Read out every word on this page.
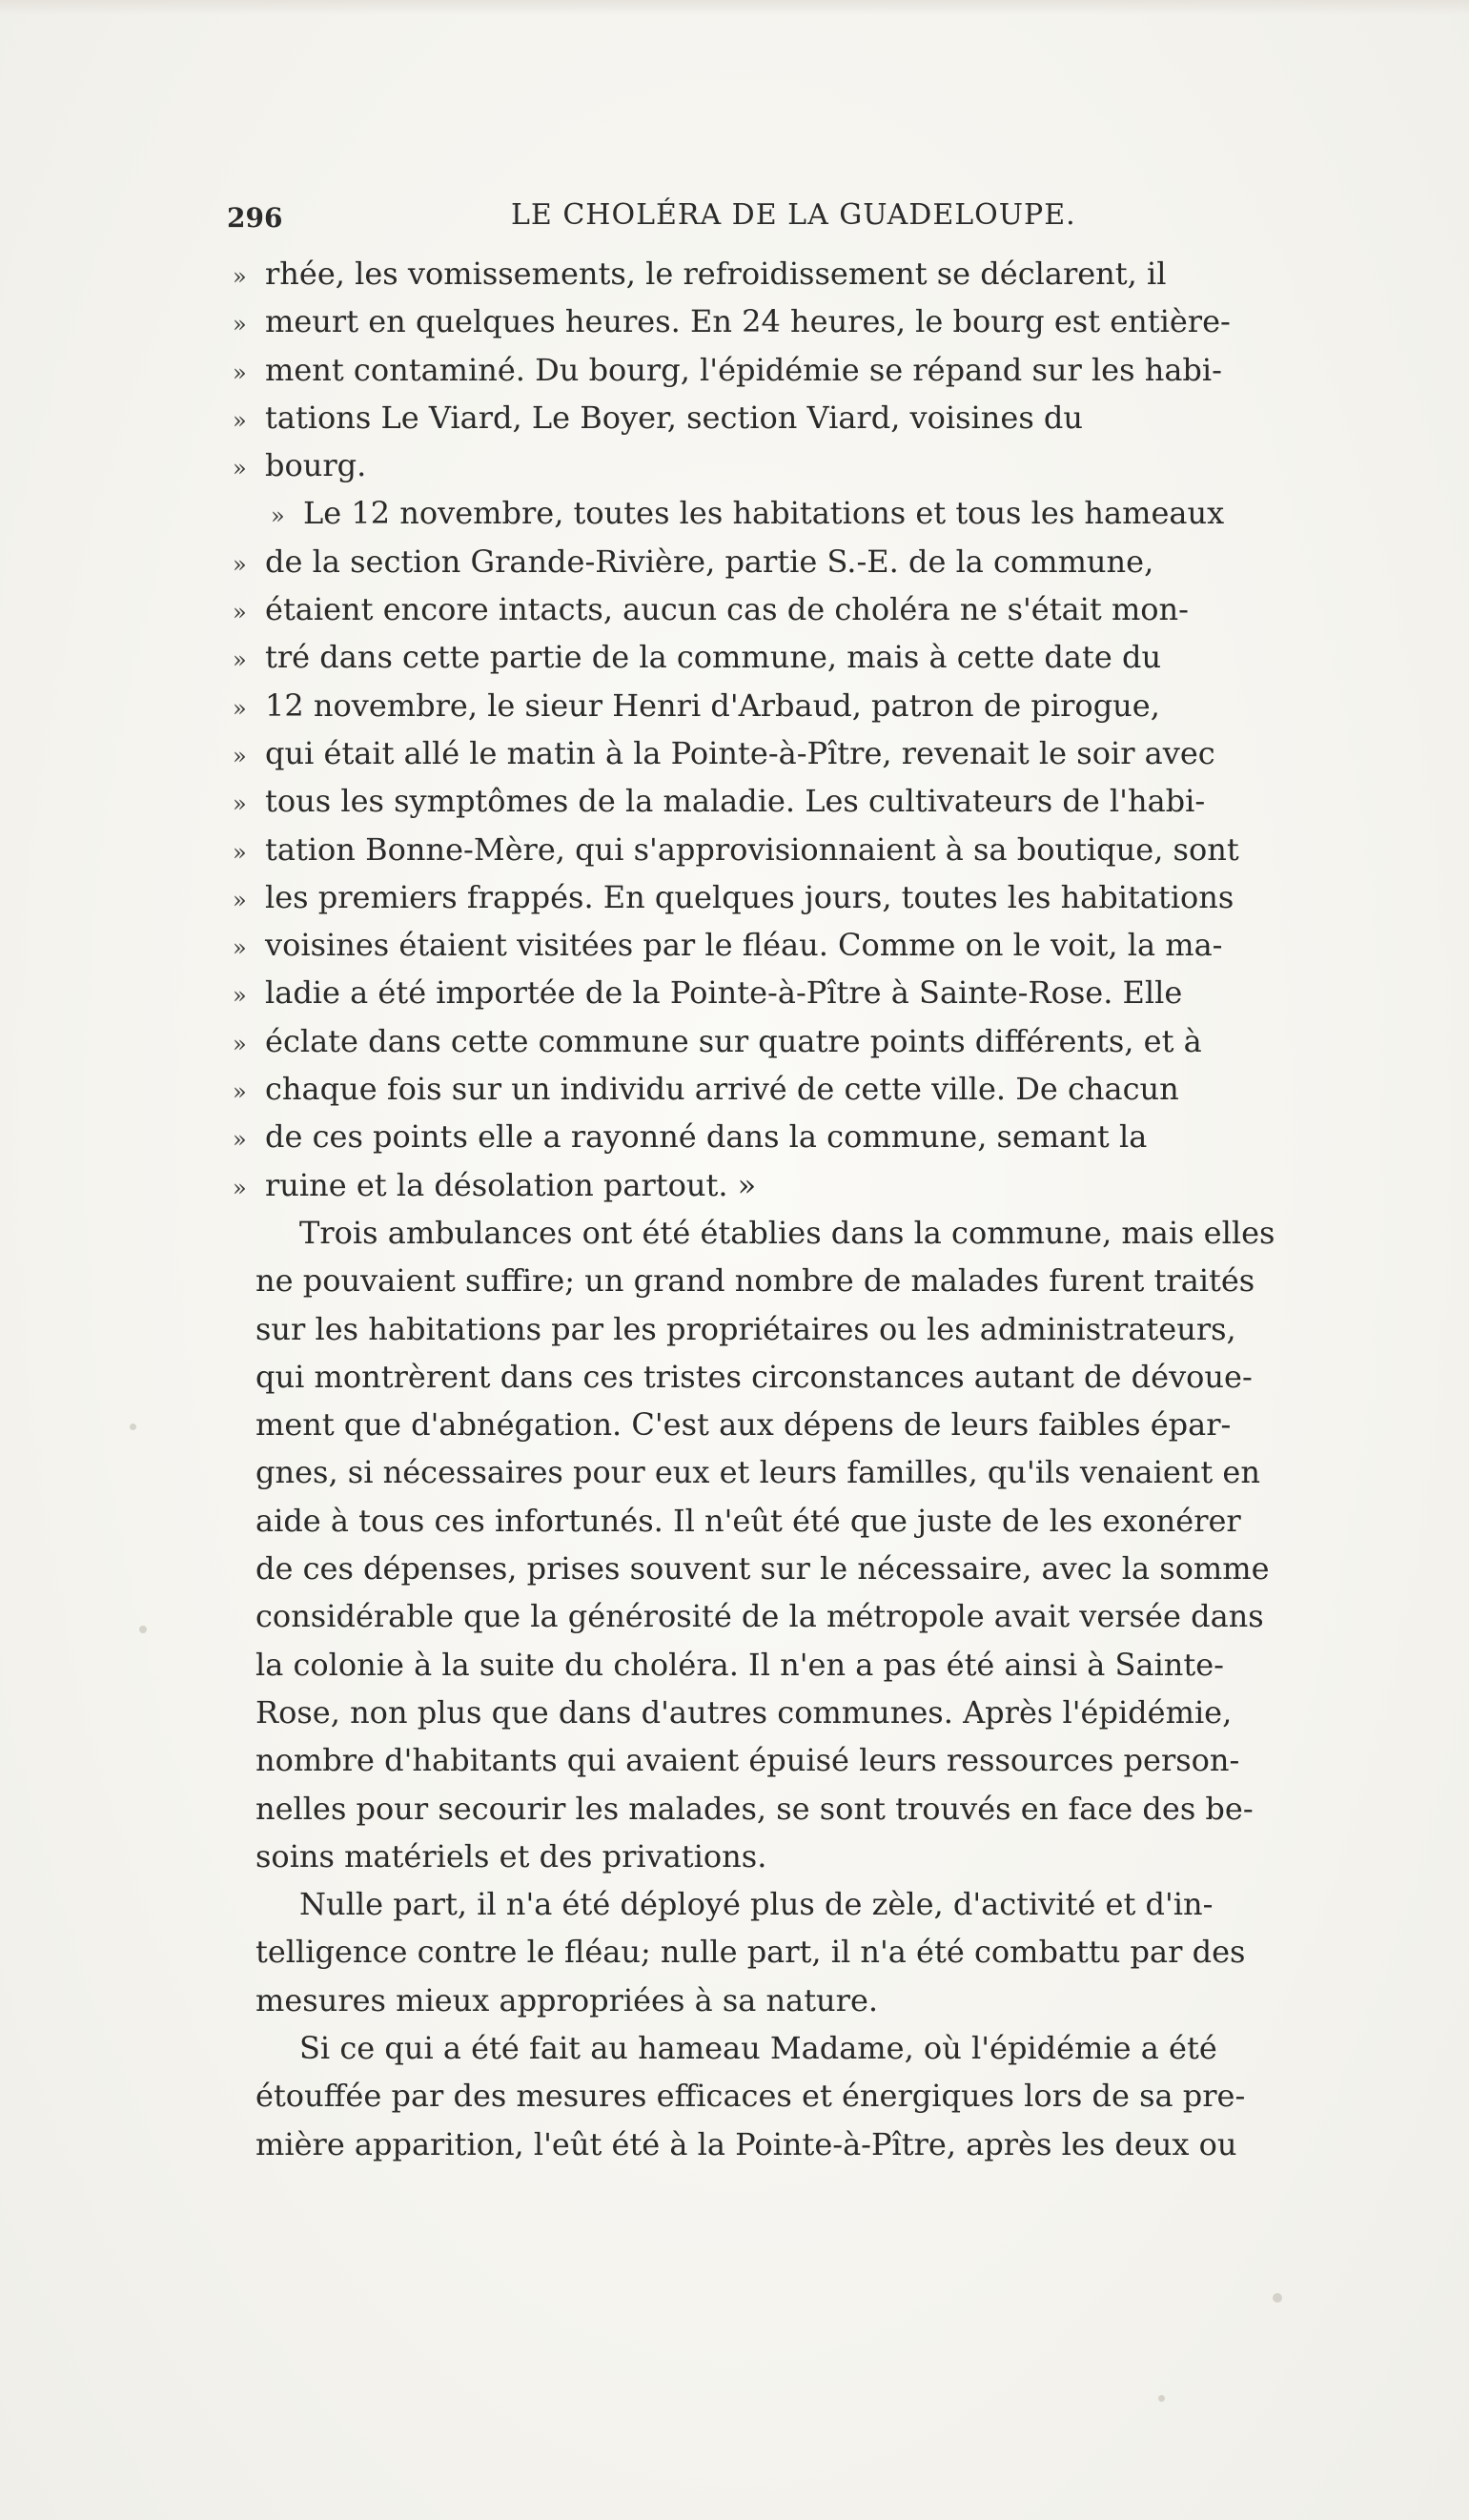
296	LE CHOLÉRA DE LA GUADELOUPE.
» rhée, les vomissements, le refroidissement se déclarent, il
» meurt en quelques heures. En 24 heures, le bourg est entière-
» ment contaminé. Du bourg, l'épidémie se répand sur les habi-
» tations Le Viard, Le Boyer, section Viard, voisines du
» bourg.
» Le 12 novembre, toutes les habitations et tous les hameaux
» de la section Grande-Rivière, partie S.-E. de la commune,
» étaient encore intacts, aucun cas de choléra ne s'était mon-
» tré dans cette partie de la commune, mais à cette date du
» 12 novembre, le sieur Henri d'Arbaud, patron de pirogue,
» qui était allé le matin à la Pointe-à-Pître, revenait le soir avec
» tous les symptômes de la maladie. Les cultivateurs de l'habi-
» tation Bonne-Mère, qui s'approvisionnaient à sa boutique, sont
» les premiers frappés. En quelques jours, toutes les habitations
» voisines étaient visitées par le fléau. Comme on le voit, la ma-
» ladie a été importée de la Pointe-à-Pître à Sainte-Rose. Elle
» éclate dans cette commune sur quatre points différents, et à
» chaque fois sur un individu arrivé de cette ville. De chacun
» de ces points elle a rayonné dans la commune, semant la
» ruine et la désolation partout. »
Trois ambulances ont été établies dans la commune, mais elles
ne pouvaient suffire; un grand nombre de malades furent traités
sur les habitations par les propriétaires ou les administrateurs,
qui montrèrent dans ces tristes circonstances autant de dévoue-
ment que d'abnégation. C'est aux dépens de leurs faibles épar-
gnes, si nécessaires pour eux et leurs familles, qu'ils venaient en
aide à tous ces infortunés. Il n'eût été que juste de les exonérer
de ces dépenses, prises souvent sur le nécessaire, avec la somme
considérable que la générosité de la métropole avait versée dans
la colonie à la suite du choléra. Il n'en a pas été ainsi à Sainte-
Rose, non plus que dans d'autres communes. Après l'épidémie,
nombre d'habitants qui avaient épuisé leurs ressources person-
nelles pour secourir les malades, se sont trouvés en face des be-
soins matériels et des privations.
Nulle part, il n'a été déployé plus de zèle, d'activité et d'in-
telligence contre le fléau; nulle part, il n'a été combattu par des
mesures mieux appropriées à sa nature.
Si ce qui a été fait au hameau Madame, où l'épidémie a été
étouffée par des mesures efficaces et énergiques lors de sa pre-
mière apparition, l'eût été à la Pointe-à-Pître, après les deux ou
